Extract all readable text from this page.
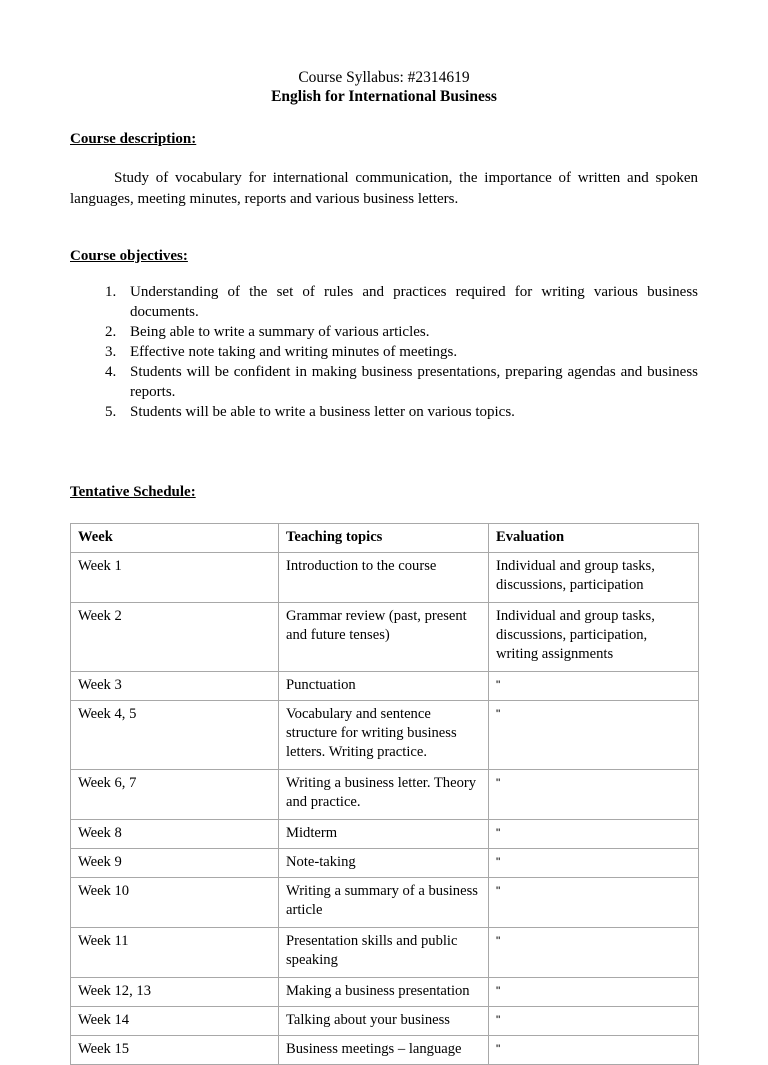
Course Syllabus: #2314619
English for International Business
Course description:

Study of vocabulary for international communication, the importance of written and spoken languages, meeting minutes, reports and various business letters.

Course objectives:
1. Understanding of the set of rules and practices required for writing various business documents.
2. Being able to write a summary of various articles.
3. Effective note taking and writing minutes of meetings.
4. Students will be confident in making business presentations, preparing agendas and business reports.
5. Students will be able to write a business letter on various topics.
Tentative Schedule:
Week	Teaching topics	Evaluation
Week 1	Introduction to the course	Individual and group tasks, discussions, participation
Week 2	Grammar review (past, present and future tenses)	Individual and group tasks, discussions, participation, writing assignments
Week 3	Punctuation	"
Week 4, 5	Vocabulary and sentence structure for writing business letters. Writing practice.	"
Week 6, 7	Writing a business letter. Theory and practice.	"
Week 8	Midterm	"
Week 9	Note-taking	"
Week 10	Writing a summary of a business article	"
Week 11	Presentation skills and public speaking	"
Week 12, 13	Making a business presentation	"
Week 14	Talking about your business	"
Week 15	Business meetings – language	"
